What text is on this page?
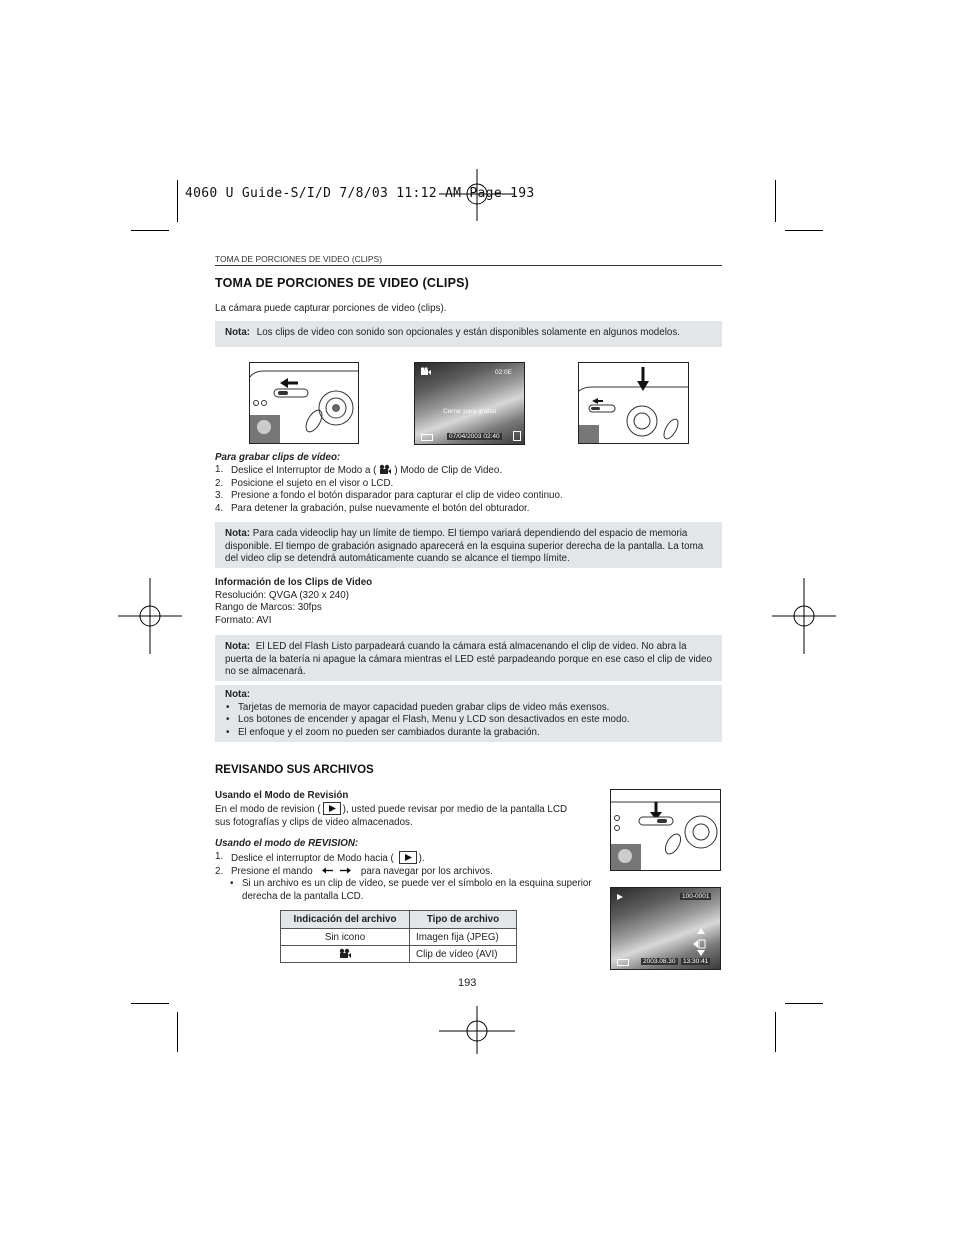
4060 U Guide-S/I/D 7/8/03 11:12 AM Page 193
TOMA DE PORCIONES DE VIDEO (CLIPS)
TOMA DE PORCIONES DE VIDEO (CLIPS)
La cámara puede capturar porciones de video (clips).
Nota: Los clips de video con sonido son opcionales y están disponibles solamente en algunos modelos.
02:0E
Cerrar para grabar
07/04/2003 02:40
Para grabar clips de vídeo:
1. Deslice el Interruptor de Modo a ( ) Modo de Clip de Video.
2. Posicione el sujeto en el visor o LCD.
3. Presione a fondo el botón disparador para capturar el clip de video continuo.
4. Para detener la grabación, pulse nuevamente el botón del obturador.
Nota: Para cada videoclip hay un límite de tiempo. El tiempo variará dependiendo del espacio de memoria disponible. El tiempo de grabación asignado aparecerá en la esquina superior derecha de la pantalla. La toma del video clip se detendrá automáticamente cuando se alcance el tiempo límite.
Información de los Clips de Video
Resolución: QVGA (320 x 240)
Rango de Marcos: 30fps
Formato: AVI
Nota: El LED del Flash Listo parpadeará cuando la cámara está almacenando el clip de video. No abra la puerta de la batería ni apague la cámara mientras el LED esté parpadeando porque en ese caso el clip de video no se almacenará.
Nota:
• Tarjetas de memoria de mayor capacidad pueden grabar clips de video más exensos.
• Los botones de encender y apagar el Flash, Menu y LCD son desactivados en este modo.
• El enfoque y el zoom no pueden ser cambiados durante la grabación.
REVISANDO SUS ARCHIVOS
Usando el Modo de Revisión
En el modo de revision ( ), usted puede revisar por medio de la pantalla LCD
sus fotografías y clips de video almacenados.
Usando el modo de REVISION:
1. Deslice el interruptor de Modo hacia (	).
2. Presione el mando	para navegar por los archivos.
• Si un archivo es un clip de vídeo, se puede ver el símbolo en la esquina superior derecha de la pantalla LCD.	100-0001
2003.08.30	13:30:41
Indicación del archivo	Tipo de archivo
Sin icono	Imagen fija (JPEG)
	Clip de vídeo (AVI)
193
